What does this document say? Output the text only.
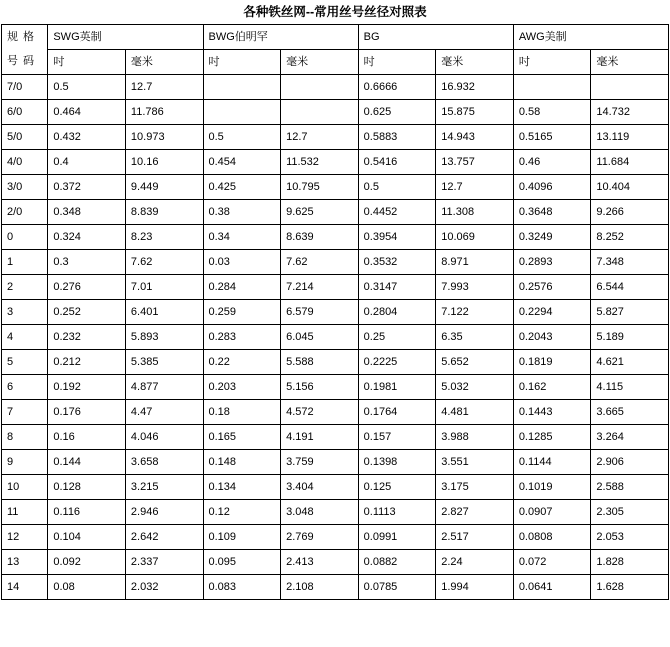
各种铁丝网--常用丝号丝径对照表
规 格
号 码	SWG英制		BWG伯明罕		BG		AWG美制	
	吋	毫米	吋	毫米	吋	毫米	吋	毫米
7/0	0.5	12.7			0.6666	16.932		
6/0	0.464	11.786			0.625	15.875	0.58	14.732
5/0	0.432	10.973	0.5	12.7	0.5883	14.943	0.5165	13.119
4/0	0.4	10.16	0.454	11.532	0.5416	13.757	0.46	11.684
3/0	0.372	9.449	0.425	10.795	0.5	12.7	0.4096	10.404
2/0	0.348	8.839	0.38	9.625	0.4452	11.308	0.3648	9.266
0	0.324	8.23	0.34	8.639	0.3954	10.069	0.3249	8.252
1	0.3	7.62	0.03	7.62	0.3532	8.971	0.2893	7.348
2	0.276	7.01	0.284	7.214	0.3147	7.993	0.2576	6.544
3	0.252	6.401	0.259	6.579	0.2804	7.122	0.2294	5.827
4	0.232	5.893	0.283	6.045	0.25	6.35	0.2043	5.189
5	0.212	5.385	0.22	5.588	0.2225	5.652	0.1819	4.621
6	0.192	4.877	0.203	5.156	0.1981	5.032	0.162	4.115
7	0.176	4.47	0.18	4.572	0.1764	4.481	0.1443	3.665
8	0.16	4.046	0.165	4.191	0.157	3.988	0.1285	3.264
9	0.144	3.658	0.148	3.759	0.1398	3.551	0.1144	2.906
10	0.128	3.215	0.134	3.404	0.125	3.175	0.1019	2.588
11	0.116	2.946	0.12	3.048	0.1113	2.827	0.0907	2.305
12	0.104	2.642	0.109	2.769	0.0991	2.517	0.0808	2.053
13	0.092	2.337	0.095	2.413	0.0882	2.24	0.072	1.828
14	0.08	2.032	0.083	2.108	0.0785	1.994	0.0641	1.628
